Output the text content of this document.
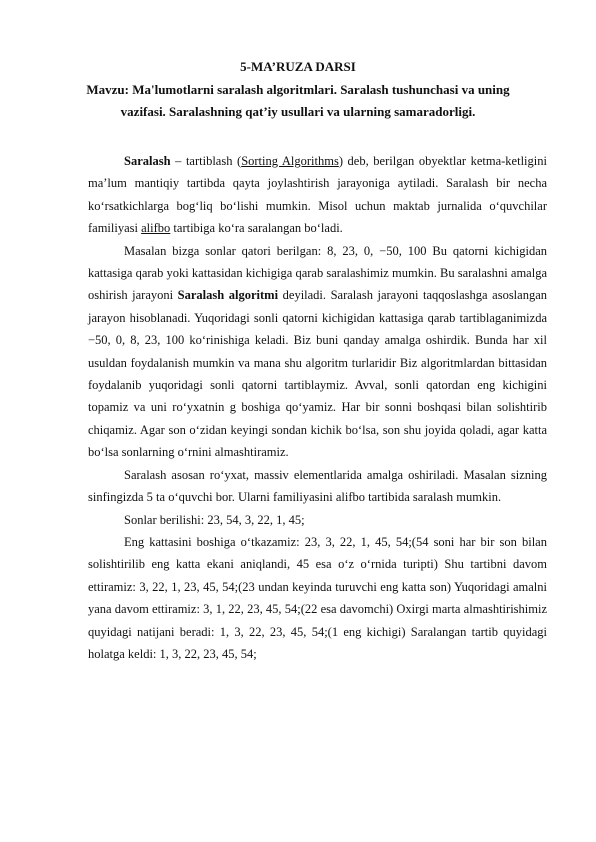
5-MA’RUZA DARSI
Mavzu: Ma'lumotlarni saralash algoritmlari. Saralash tushunchasi va uning
vazifasi. Saralashning qat’iy usullari va ularning samaradorligi.

Saralash – tartiblash (Sorting Algorithms) deb, berilgan obyektlar ketma-ketligini ma’lum mantiqiy tartibda qayta joylashtirish jarayoniga aytiladi. Saralash bir necha koʻrsatkichlarga bogʻliq boʻlishi mumkin. Misol uchun maktab jurnalida oʻquvchilar familiyasi alifbo tartibiga koʻra saralangan boʻladi.

Masalan bizga sonlar qatori berilgan: 8, 23, 0, −50, 100 Bu qatorni kichigidan kattasiga qarab yoki kattasidan kichigiga qarab saralashimiz mumkin. Bu saralashni amalga oshirish jarayoni Saralash algoritmi deyiladi. Saralash jarayoni taqqoslashga asoslangan jarayon hisoblanadi. Yuqoridagi sonli qatorni kichigidan kattasiga qarab tartiblaganimizda −50, 0, 8, 23, 100 koʻrinishiga keladi. Biz buni qanday amalga oshirdik. Bunda har xil usuldan foydalanish mumkin va mana shu algoritm turlaridir Biz algoritmlardan bittasidan foydalanib yuqoridagi sonli qatorni tartiblaymiz. Avval, sonli qatordan eng kichigini topamiz va uni roʻyxatnin g boshiga qoʻyamiz. Har bir sonni boshqasi bilan solishtirib chiqamiz. Agar son oʻzidan keyingi sondan kichik boʻlsa, son shu joyida qoladi, agar katta boʻlsa sonlarning oʻrnini almashtiramiz.

Saralash asosan roʻyxat, massiv elementlarida amalga oshiriladi. Masalan sizning sinfingizda 5 ta oʻquvchi bor. Ularni familiyasini alifbo tartibida saralash mumkin.

Sonlar berilishi: 23, 54, 3, 22, 1, 45;

Eng kattasini boshiga oʻtkazamiz: 23, 3, 22, 1, 45, 54;(54 soni har bir son bilan solishtirilib eng katta ekani aniqlandi, 45 esa oʻz oʻrnida turipti) Shu tartibni davom ettiramiz: 3, 22, 1, 23, 45, 54;(23 undan keyinda turuvchi eng katta son) Yuqoridagi amalni yana davom ettiramiz: 3, 1, 22, 23, 45, 54;(22 esa davomchi) Oxirgi marta almashtirishimiz quyidagi natijani beradi: 1, 3, 22, 23, 45, 54;(1 eng kichigi) Saralangan tartib quyidagi holatga keldi: 1, 3, 22, 23, 45, 54;
